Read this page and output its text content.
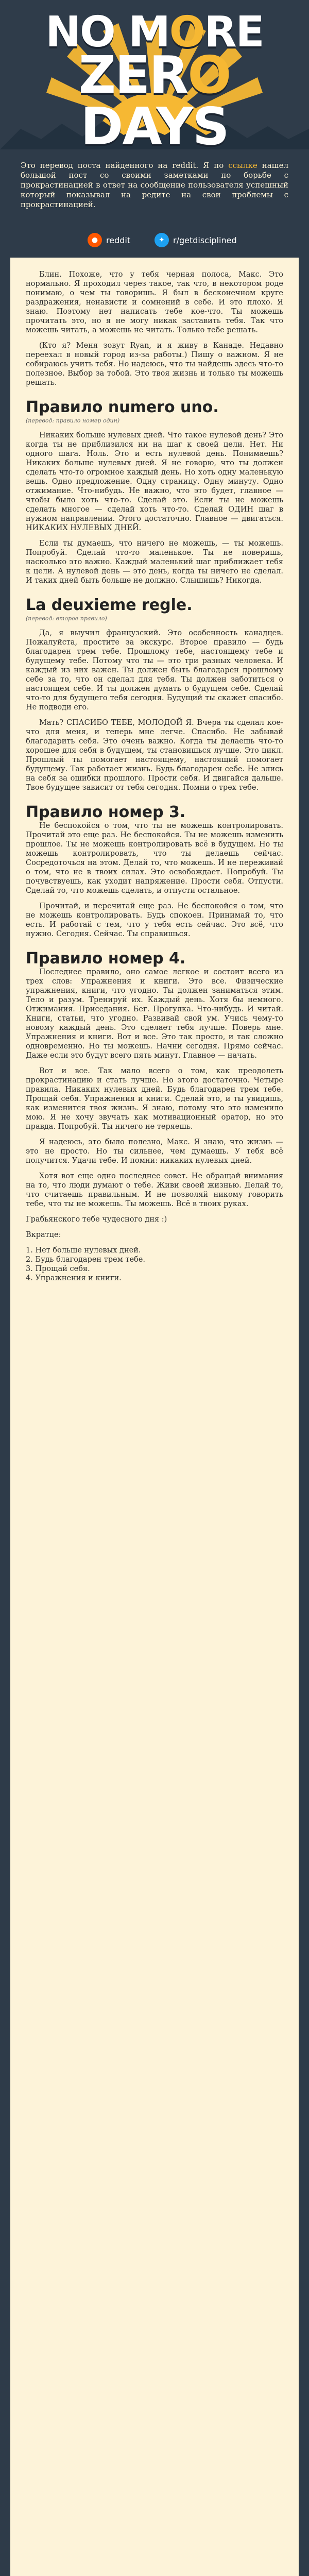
NO MORE
ZERO DAYS
Это перевод поста найденного на reddit. Я по ссылке нашел большой пост со своими заметками по борьбе с прокрастинацией в ответ на сообщение пользователя успешный который показывал на редите на свои проблемы с прокрастинацией.
● reddit	✦	r/getdisciplined

Блин. Похоже, что у тебя черная полоса, Макс. Это нормально. Я проходил через такое, так что, в некотором роде понимаю, о чем ты говоришь. Я был в бесконечном круге раздражения, ненависти и сомнений в себе. И это плохо. Я знаю. Поэтому нет написать тебе кое-что. Ты можешь прочитать это, но я не могу никак заставить тебя. Так что можешь читать, а можешь не читать. Только тебе решать.

(Кто я? Меня зовут Ryan, и я живу в Канаде. Недавно переехал в новый город из-за работы.) Пишу о важном. Я не собираюсь учить тебя. Но надеюсь, что ты найдешь здесь что-то полезное. Выбор за тобой. Это твоя жизнь и только ты можешь решать.

Правило numero uno.
(перевод: правило номер один)

Никаких больше нулевых дней. Что такое нулевой день? Это когда ты не приблизился ни на шаг к своей цели. Нет. Ни одного шага. Ноль. Это и есть нулевой день. Понимаешь? Никаких больше нулевых дней. Я не говорю, что ты должен сделать что-то огромное каждый день. Но хоть одну маленькую вещь. Одно предложение. Одну страницу. Одну минуту. Одно отжимание. Что-нибудь. Не важно, что это будет, главное — чтобы было хоть что-то. Сделай это. Если ты не можешь сделать многое — сделай хоть что-то. Сделай ОДИН шаг в нужном направлении. Этого достаточно. Главное — двигаться. НИКАКИХ НУЛЕВЫХ ДНЕЙ.

Если ты думаешь, что ничего не можешь, — ты можешь. Попробуй. Сделай что-то маленькое. Ты не поверишь, насколько это важно. Каждый маленький шаг приближает тебя к цели. А нулевой день — это день, когда ты ничего не сделал. И таких дней быть больше не должно. Слышишь? Никогда.

La deuxieme regle.
(перевод: второе правило)

Да, я выучил французский. Это особенность канадцев. Пожалуйста, простите за экскурс. Второе правило — будь благодарен трем тебе. Прошлому тебе, настоящему тебе и будущему тебе. Потому что ты — это три разных человека. И каждый из них важен. Ты должен быть благодарен прошлому себе за то, что он сделал для тебя. Ты должен заботиться о настоящем себе. И ты должен думать о будущем себе. Сделай что-то для будущего тебя сегодня. Будущий ты скажет спасибо. Не подводи его.

Мать? СПАСИБО ТЕБЕ, МОЛОДОЙ Я. Вчера ты сделал кое-что для меня, и теперь мне легче. Спасибо. Не забывай благодарить себя. Это очень важно. Когда ты делаешь что-то хорошее для себя в будущем, ты становишься лучше. Это цикл. Прошлый ты помогает настоящему, настоящий помогает будущему. Так работает жизнь. Будь благодарен себе. Не злись на себя за ошибки прошлого. Прости себя. И двигайся дальше. Твое будущее зависит от тебя сегодня. Помни о трех тебе.

Правило номер 3.

Не беспокойся о том, что ты не можешь контролировать. Прочитай это еще раз. Не беспокойся. Ты не можешь изменить прошлое. Ты не можешь контролировать всё в будущем. Но ты можешь контролировать, что ты делаешь сейчас. Сосредоточься на этом. Делай то, что можешь. И не переживай о том, что не в твоих силах. Это освобождает. Попробуй. Ты почувствуешь, как уходит напряжение. Прости себя. Отпусти. Сделай то, что можешь сделать, и отпусти остальное.

Прочитай, и перечитай еще раз. Не беспокойся о том, что не можешь контролировать. Будь спокоен. Принимай то, что есть. И работай с тем, что у тебя есть сейчас. Это всё, что нужно. Сегодня. Сейчас. Ты справишься.

Правило номер 4.

Последнее правило, оно самое легкое и состоит всего из трех слов: Упражнения и книги. Это все. Физические упражнения, книги, что угодно. Ты должен заниматься этим. Тело и разум. Тренируй их. Каждый день. Хотя бы немного. Отжимания. Приседания. Бег. Прогулка. Что-нибудь. И читай. Книги, статьи, что угодно. Развивай свой ум. Учись чему-то новому каждый день. Это сделает тебя лучше. Поверь мне. Упражнения и книги. Вот и все. Это так просто, и так сложно одновременно. Но ты можешь. Начни сегодня. Прямо сейчас. Даже если это будут всего пять минут. Главное — начать.

Вот и все. Так мало всего о том, как преодолеть прокрастинацию и стать лучше. Но этого достаточно. Четыре правила. Никаких нулевых дней. Будь благодарен трем тебе. Прощай себя. Упражнения и книги. Сделай это, и ты увидишь, как изменится твоя жизнь. Я знаю, потому что это изменило мою. Я не хочу звучать как мотивационный оратор, но это правда. Попробуй. Ты ничего не теряешь.

Я надеюсь, это было полезно, Макс. Я знаю, что жизнь — это не просто. Но ты сильнее, чем думаешь. У тебя всё получится. Удачи тебе. И помни: никаких нулевых дней.

Хотя вот еще одно последнее совет. Не обращай внимания на то, что люди думают о тебе. Живи своей жизнью. Делай то, что считаешь правильным. И не позволяй никому говорить тебе, что ты не можешь. Ты можешь. Всё в твоих руках.

Грабьянского тебе чудесного дня :)

Вкратце:

1. Нет больше нулевых дней.
2. Будь благодарен трем тебе.
3. Прощай себя.
4. Упражнения и книги.
